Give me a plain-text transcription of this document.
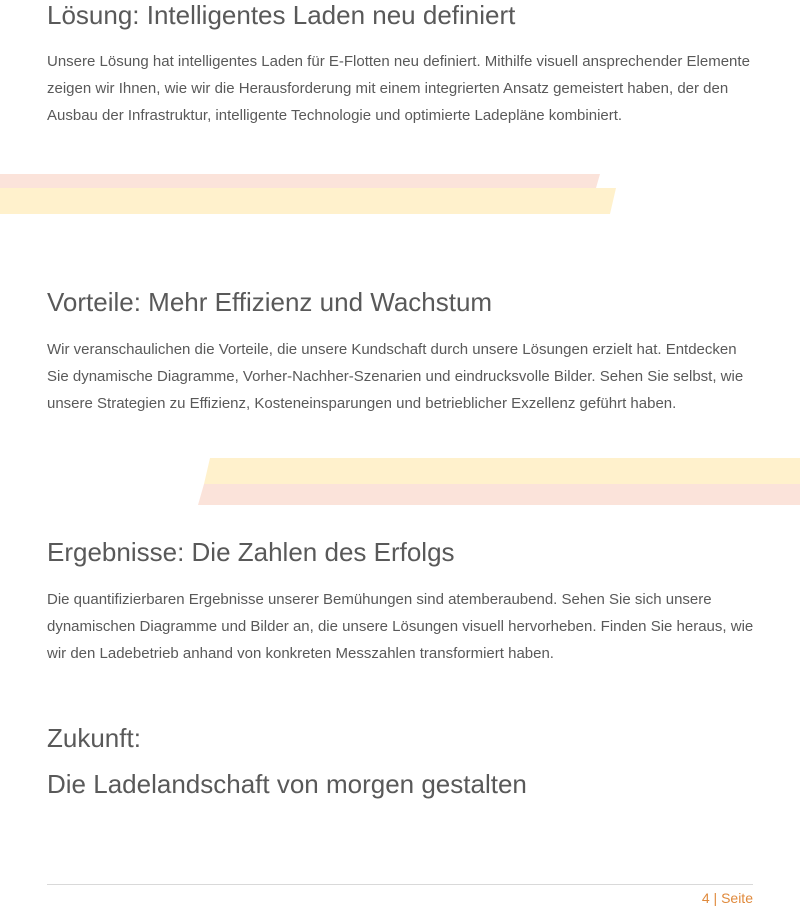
Lösung: Intelligentes Laden neu definiert

Unsere Lösung hat intelligentes Laden für E-Flotten neu definiert. Mithilfe visuell ansprechender Elemente zeigen wir Ihnen, wie wir die Herausforderung mit einem integrierten Ansatz gemeistert haben, der den Ausbau der Infrastruktur, intelligente Technologie und optimierte Ladepläne kombiniert.

Vorteile: Mehr Effizienz und Wachstum

Wir veranschaulichen die Vorteile, die unsere Kundschaft durch unsere Lösungen erzielt hat. Entdecken Sie dynamische Diagramme, Vorher-Nachher-Szenarien und eindrucksvolle Bilder. Sehen Sie selbst, wie unsere Strategien zu Effizienz, Kosteneinsparungen und betrieblicher Exzellenz geführt haben.

Ergebnisse: Die Zahlen des Erfolgs

Die quantifizierbaren Ergebnisse unserer Bemühungen sind atemberaubend. Sehen Sie sich unsere dynamischen Diagramme und Bilder an, die unsere Lösungen visuell hervorheben. Finden Sie heraus, wie wir den Ladebetrieb anhand von konkreten Messzahlen transformiert haben.

Zukunft:
Die Ladelandschaft von morgen gestalten
4 | Seite
